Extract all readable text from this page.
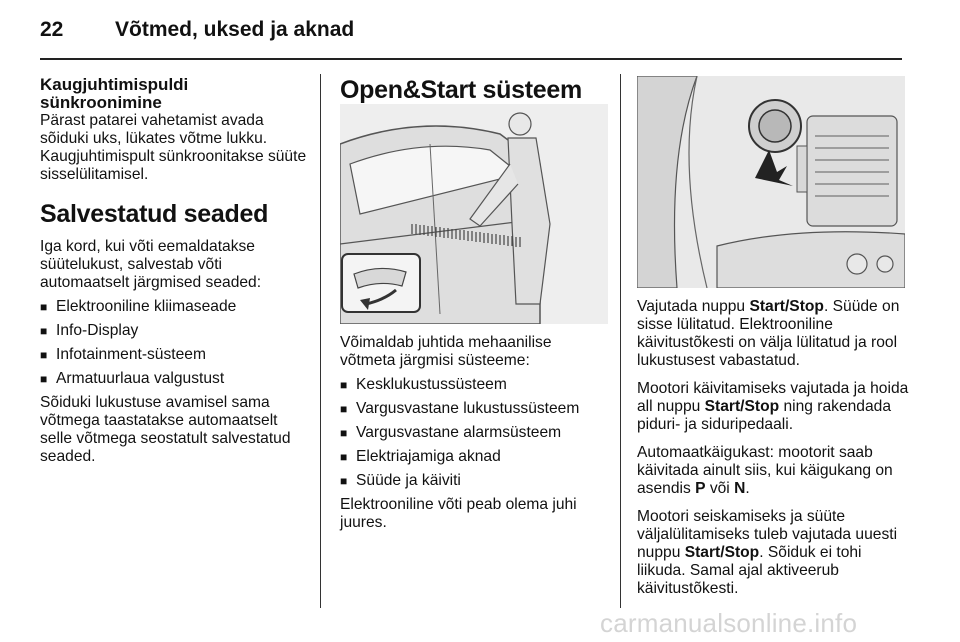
22 Võtmed, uksed ja aknad
Kaugjuhtimispuldi sünkroonimine

Pärast patarei vahetamist avada sõiduki uks, lükates võtme lukku. Kaugjuhtimispult sünkroonitakse süüte sisselülitamisel.

Salvestatud seaded

Iga kord, kui võti eemaldatakse süütelukust, salvestab võti automaatselt järgmised seaded:

■ Elektrooniline kliimaseade
■ Info-Display
■ Infotainment-süsteem
■ Armatuurlaua valgustust

Sõiduki lukustuse avamisel sama võtmega taastatakse automaatselt selle võtmega seostatult salvestatud seaded.

Open&Start süsteem

Võimaldab juhtida mehaanilise võtmeta järgmisi süsteeme:

■ Kesklukustussüsteem
■ Vargusvastane lukustussüsteem
■ Vargusvastane alarmsüsteem
■ Elektriajamiga aknad
■ Süüde ja käiviti

Elektrooniline võti peab olema juhi juures.

Vajutada nuppu Start/Stop. Süüde on sisse lülitatud. Elektrooniline käivitustõkesti on välja lülitatud ja rool lukustusest vabastatud.

Mootori käivitamiseks vajutada ja hoida all nuppu Start/Stop ning rakendada piduri- ja siduripedaali.

Automaatkäigukast: mootorit saab käivitada ainult siis, kui käigukang on asendis P või N.

Mootori seiskamiseks ja süüte väljalülitamiseks tuleb vajutada uuesti nuppu Start/Stop. Sõiduk ei tohi liikuda. Samal ajal aktiveerub käivitustõkesti.

carmanualsonline.info
